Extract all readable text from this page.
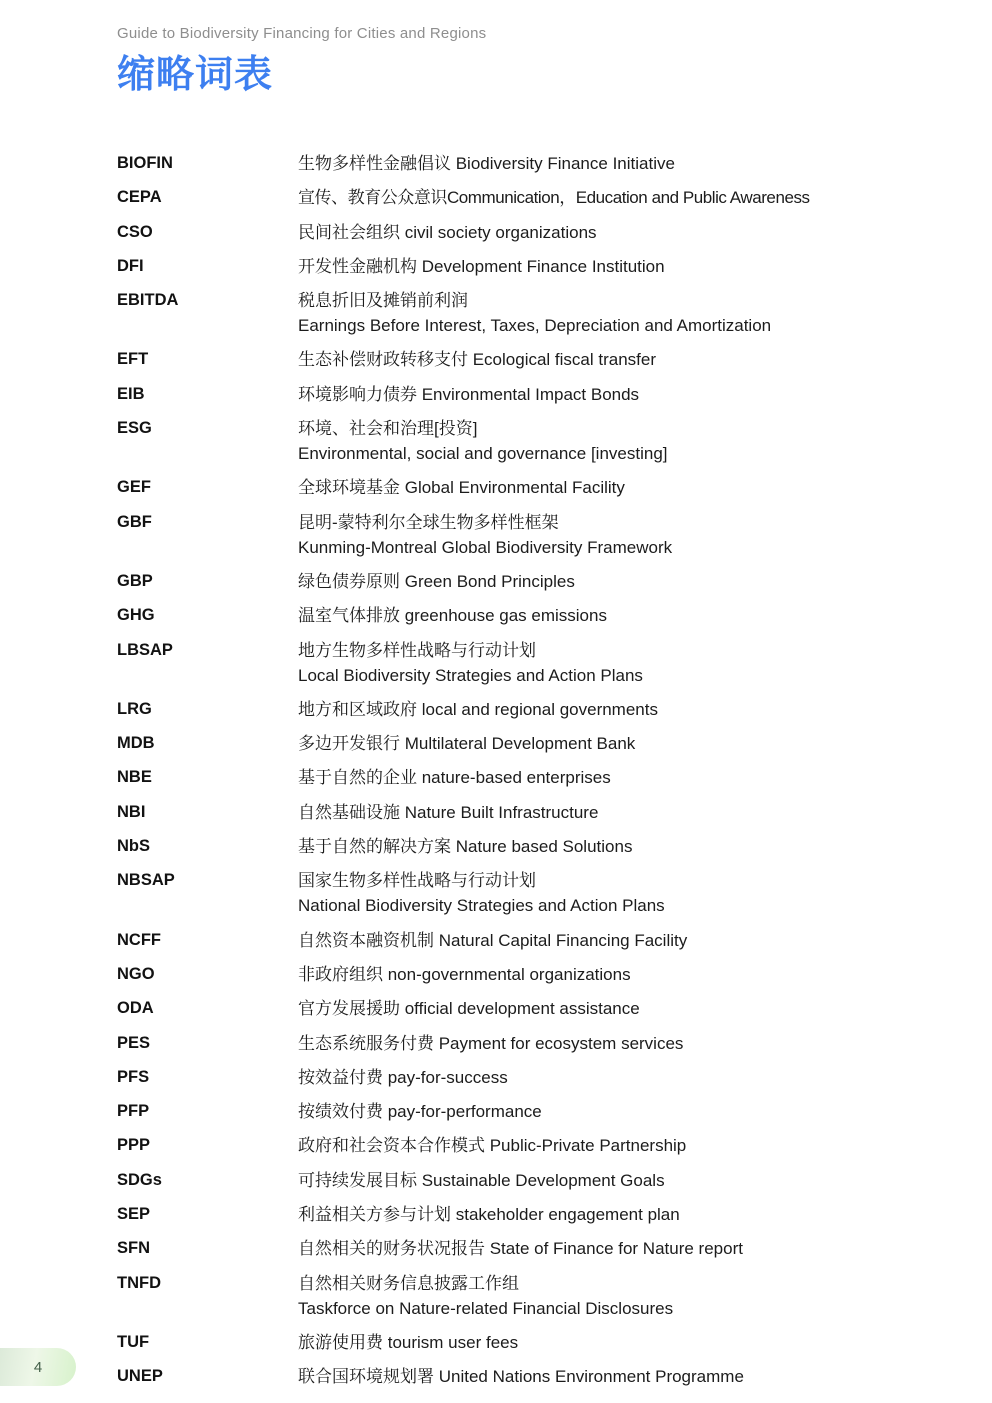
Guide to Biodiversity Financing for Cities and Regions
缩略词表
BIOFIN	生物多样性金融倡议 Biodiversity Finance Initiative
CEPA	宣传、教育公众意识Communication，Education and Public Awareness
CSO	民间社会组织 civil society organizations
DFI	开发性金融机构 Development Finance Institution
EBITDA	税息折旧及摊销前利润
Earnings Before Interest, Taxes, Depreciation and Amortization
EFT	生态补偿财政转移支付 Ecological fiscal transfer
EIB	环境影响力债券 Environmental Impact Bonds
ESG	环境、社会和治理[投资]
Environmental, social and governance [investing]
GEF	全球环境基金 Global Environmental Facility
GBF	昆明-蒙特利尔全球生物多样性框架
Kunming-Montreal Global Biodiversity Framework
GBP	绿色债券原则 Green Bond Principles
GHG	温室气体排放 greenhouse gas emissions
LBSAP	地方生物多样性战略与行动计划
Local Biodiversity Strategies and Action Plans
LRG	地方和区域政府 local and regional governments
MDB	多边开发银行 Multilateral Development Bank
NBE	基于自然的企业 nature-based enterprises
NBI	自然基础设施 Nature Built Infrastructure
NbS	基于自然的解决方案 Nature based Solutions
NBSAP	国家生物多样性战略与行动计划
National Biodiversity Strategies and Action Plans
NCFF	自然资本融资机制 Natural Capital Financing Facility
NGO	非政府组织 non-governmental organizations
ODA	官方发展援助 official development assistance
PES	生态系统服务付费 Payment for ecosystem services
PFS	按效益付费 pay-for-success
PFP	按绩效付费 pay-for-performance
PPP	政府和社会资本合作模式 Public-Private Partnership
SDGs	可持续发展目标 Sustainable Development Goals
SEP	利益相关方参与计划 stakeholder engagement plan
SFN	自然相关的财务状况报告 State of Finance for Nature report
TNFD	自然相关财务信息披露工作组
Taskforce on Nature-related Financial Disclosures
TUF	旅游使用费 tourism user fees
UNEP	联合国环境规划署 United Nations Environment Programme
4
